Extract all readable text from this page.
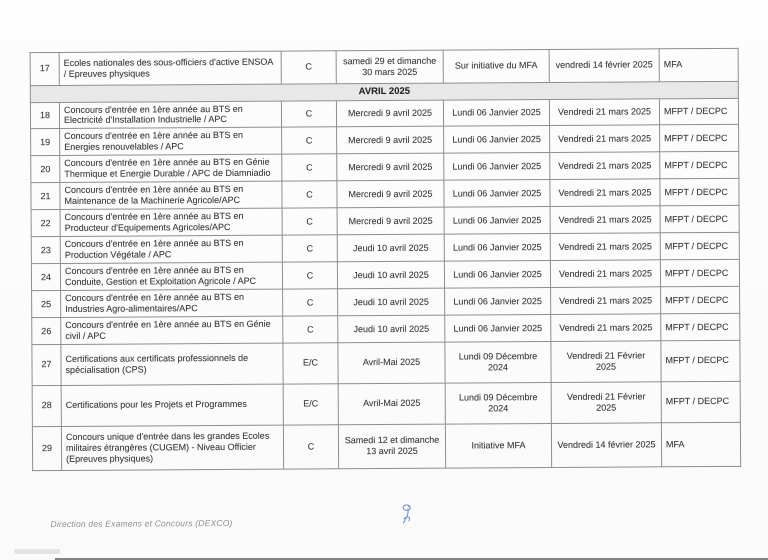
17	Ecoles nationales des sous-officiers d'active ENSOA / Epreuves physiques	C	samedi 29 et dimanche 30 mars 2025	Sur initiative du MFA	vendredi 14 février 2025	MFA
AVRIL 2025						
18	Concours d'entrée en 1ère année au BTS en Electricité d'Installation Industrielle / APC	C	Mercredi 9 avril 2025	Lundi 06 Janvier 2025	Vendredi 21 mars 2025	MFPT / DECPC
19	Concours d'entrée en 1ère année au BTS en Energies renouvelables / APC	C	Mercredi 9 avril 2025	Lundi 06 Janvier 2025	Vendredi 21 mars 2025	MFPT / DECPC
20	Concours d'entrée en 1ère année au BTS en Génie Thermique et Energie Durable / APC de Diamniadio	C	Mercredi 9 avril 2025	Lundi 06 Janvier 2025	Vendredi 21 mars 2025	MFPT / DECPC
21	Concours d'entrée en 1ère année au BTS en Maintenance de la Machinerie Agricole/APC	C	Mercredi 9 avril 2025	Lundi 06 Janvier 2025	Vendredi 21 mars 2025	MFPT / DECPC
22	Concours d'entrée en 1ère année au BTS en Producteur d'Equipements Agricoles/APC	C	Mercredi 9 avril 2025	Lundi 06 Janvier 2025	Vendredi 21 mars 2025	MFPT / DECPC
23	Concours d'entrée en 1ère année au BTS en Production Végétale / APC	C	Jeudi 10 avril 2025	Lundi 06 Janvier 2025	Vendredi 21 mars 2025	MFPT / DECPC
24	Concours d'entrée en 1ère année au BTS en Conduite, Gestion et Exploitation Agricole / APC	C	Jeudi 10 avril 2025	Lundi 06 Janvier 2025	Vendredi 21 mars 2025	MFPT / DECPC
25	Concours d'entrée en 1ère année au BTS en Industries Agro-alimentaires/APC	C	Jeudi 10 avril 2025	Lundi 06 Janvier 2025	Vendredi 21 mars 2025	MFPT / DECPC
26	Concours d'entrée en 1ère année au BTS en Génie civil / APC	C	Jeudi 10 avril 2025	Lundi 06 Janvier 2025	Vendredi 21 mars 2025	MFPT / DECPC
27	Certifications aux certificats professionnels de spécialisation (CPS)	E/C	Avril-Mai 2025	Lundi 09 Décembre 2024	Vendredi 21 Février 2025	MFPT / DECPC
28	Certifications pour les Projets et Programmes	E/C	Avril-Mai 2025	Lundi 09 Décembre 2024	Vendredi 21 Février 2025	MFPT / DECPC
29	Concours unique d'entrée dans les grandes Ecoles militaires étrangères (CUGEM) - Niveau Officier (Epreuves physiques)	C	Samedi 12 et dimanche 13 avril 2025	Initiative MFA	Vendredi 14 février 2025	MFA
Direction des Examens et Concours (DEXCO)
